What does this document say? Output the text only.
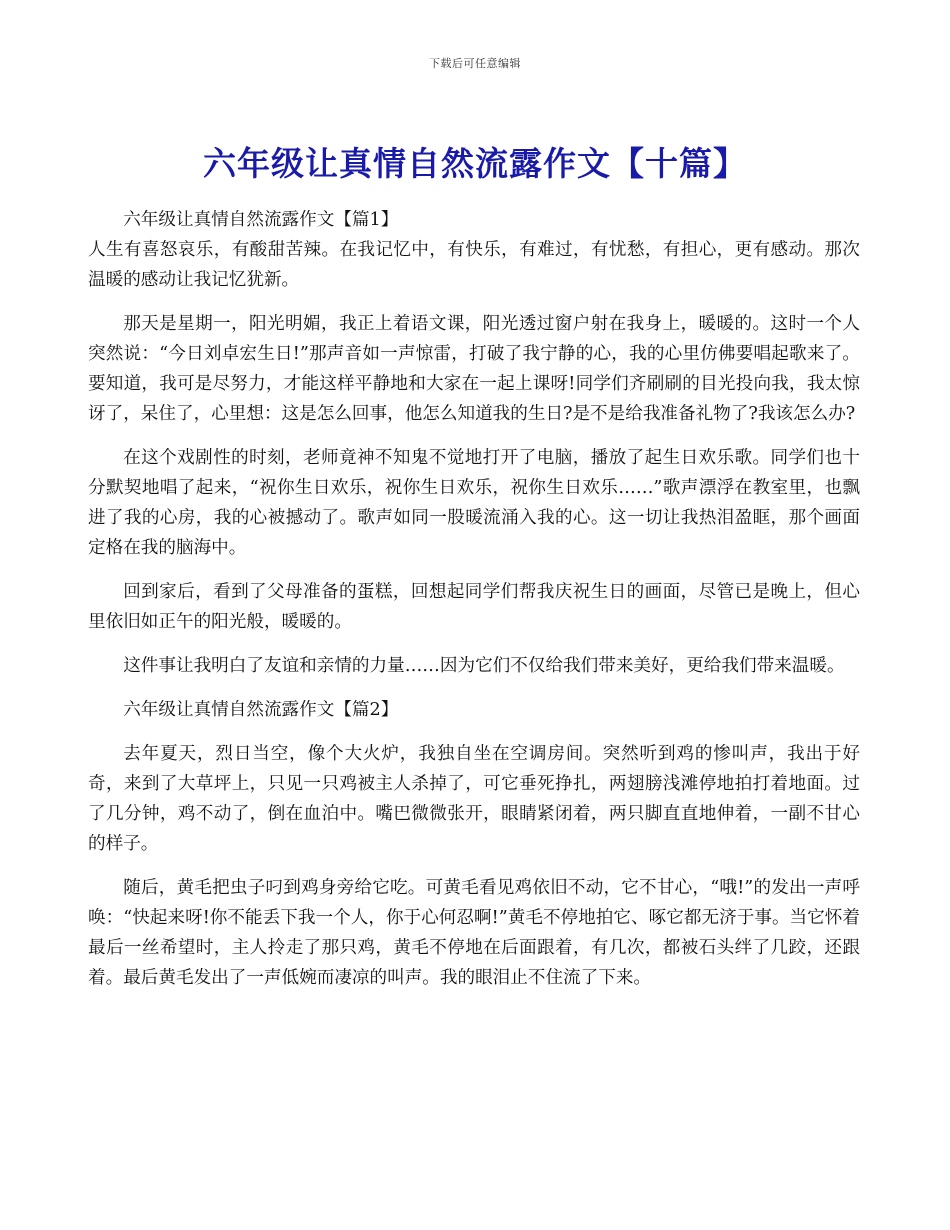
下载后可任意编辑
六年级让真情自然流露作文【十篇】

六年级让真情自然流露作文【篇1】

人生有喜怒哀乐，有酸甜苦辣。在我记忆中，有快乐，有难过，有忧愁，有担心，更有感动。那次温暖的感动让我记忆犹新。

那天是星期一，阳光明媚，我正上着语文课，阳光透过窗户射在我身上，暖暖的。这时一个人突然说：“今日刘卓宏生日!”那声音如一声惊雷，打破了我宁静的心，我的心里仿佛要唱起歌来了。要知道，我可是尽努力，才能这样平静地和大家在一起上课呀!同学们齐刷刷的目光投向我，我太惊讶了，呆住了，心里想：这是怎么回事，他怎么知道我的生日?是不是给我准备礼物了?我该怎么办?

在这个戏剧性的时刻，老师竟神不知鬼不觉地打开了电脑，播放了起生日欢乐歌。同学们也十分默契地唱了起来，“祝你生日欢乐，祝你生日欢乐，祝你生日欢乐……”歌声漂浮在教室里，也飘进了我的心房，我的心被撼动了。歌声如同一股暖流涌入我的心。这一切让我热泪盈眶，那个画面定格在我的脑海中。

回到家后，看到了父母准备的蛋糕，回想起同学们帮我庆祝生日的画面，尽管已是晚上，但心里依旧如正午的阳光般，暖暖的。

这件事让我明白了友谊和亲情的力量……因为它们不仅给我们带来美好，更给我们带来温暖。

六年级让真情自然流露作文【篇2】

去年夏天，烈日当空，像个大火炉，我独自坐在空调房间。突然听到鸡的惨叫声，我出于好奇，来到了大草坪上，只见一只鸡被主人杀掉了，可它垂死挣扎，两翅膀浅滩停地拍打着地面。过了几分钟，鸡不动了，倒在血泊中。嘴巴微微张开，眼睛紧闭着，两只脚直直地伸着，一副不甘心的样子。

随后，黄毛把虫子叼到鸡身旁给它吃。可黄毛看见鸡依旧不动，它不甘心，“哦!”的发出一声呼唤：“快起来呀!你不能丢下我一个人，你于心何忍啊!”黄毛不停地拍它、啄它都无济于事。当它怀着最后一丝希望时，主人拎走了那只鸡，黄毛不停地在后面跟着，有几次，都被石头绊了几跤，还跟着。最后黄毛发出了一声低婉而凄凉的叫声。我的眼泪止不住流了下来。
